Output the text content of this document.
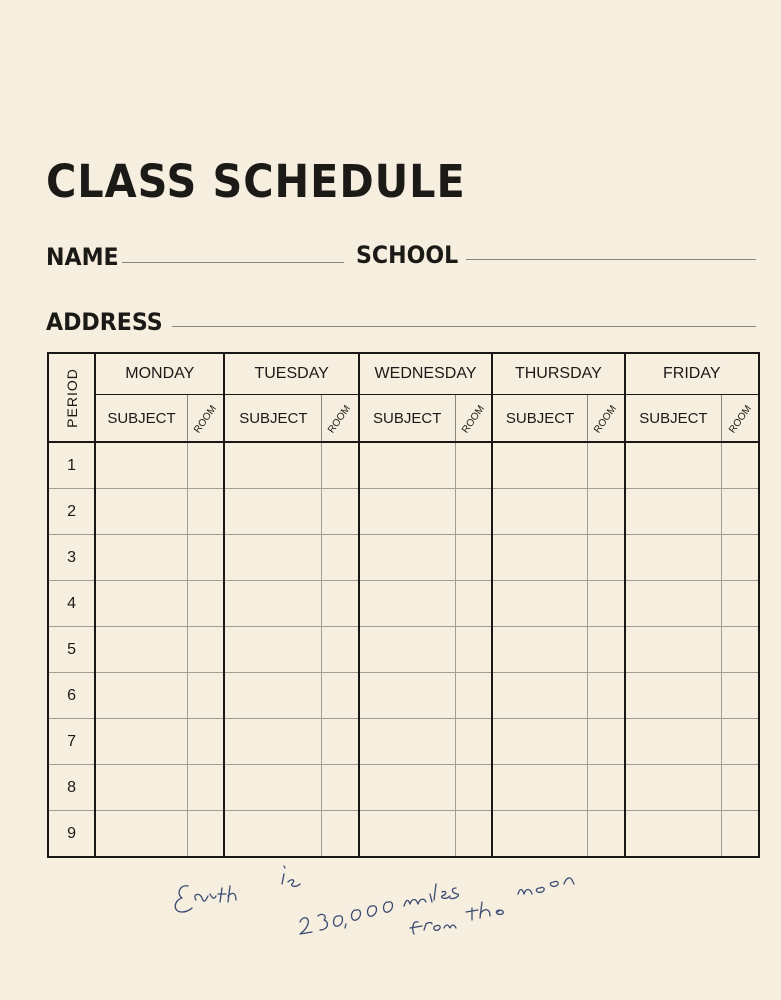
CLASS SCHEDULE
NAME	SCHOOL
ADDRESS
PERIOD	MONDAY		TUESDAY		WEDNESDAY		THURSDAY		FRIDAY	
	SUBJECT	ROOM	SUBJECT	ROOM	SUBJECT	ROOM	SUBJECT	ROOM	SUBJECT	ROOM
1										
2										
3										
4										
5										
6										
7										
8										
9										
